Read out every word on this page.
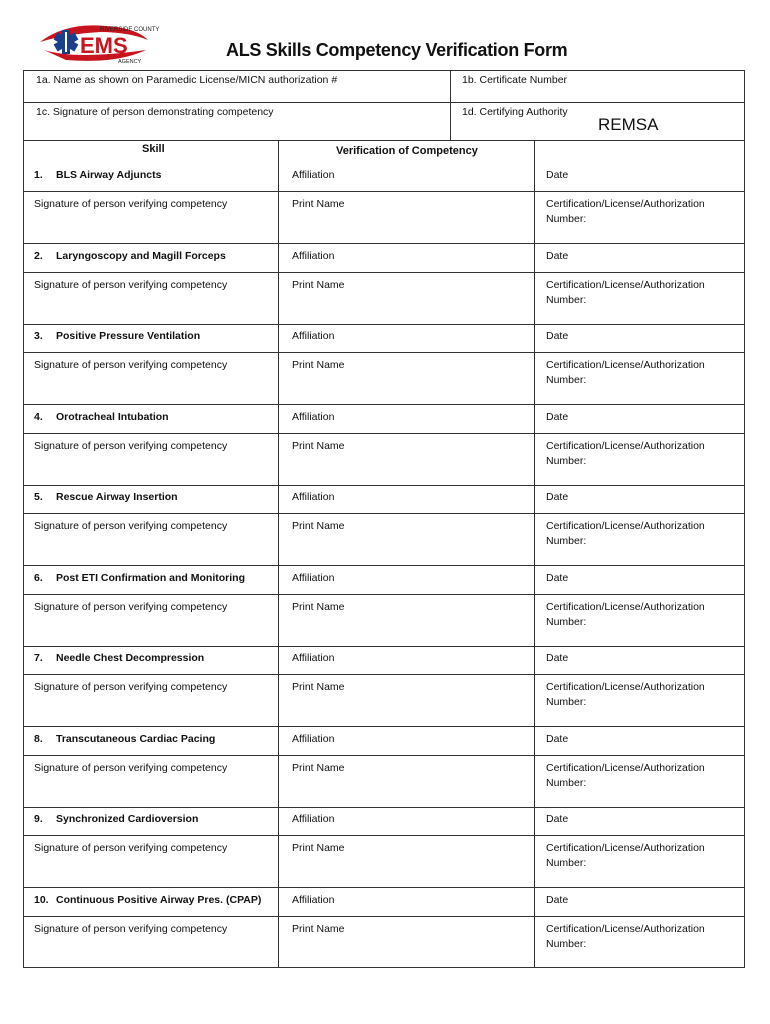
RIVERSIDE COUNTY
EMS
AGENCY
ALS Skills Competency Verification Form
1a. Name as shown on Paramedic License/MICN authorization #	1b. Certificate Number
1c. Signature of person demonstrating competency	1d. Certifying Authority
REMSA
Skill	Verification of Competency
1. BLS Airway Adjuncts	Affiliation	Date
Signature of person verifying competency	Print Name	Certification/License/Authorization
Number:
2. Laryngoscopy and Magill Forceps	Affiliation	Date
Signature of person verifying competency	Print Name	Certification/License/Authorization
Number:
3. Positive Pressure Ventilation	Affiliation	Date
Signature of person verifying competency	Print Name	Certification/License/Authorization
Number:
4. Orotracheal Intubation	Affiliation	Date
Signature of person verifying competency	Print Name	Certification/License/Authorization
Number:
5. Rescue Airway Insertion	Affiliation	Date
Signature of person verifying competency	Print Name	Certification/License/Authorization
Number:
6. Post ETI Confirmation and Monitoring	Affiliation	Date
Signature of person verifying competency	Print Name	Certification/License/Authorization
Number:
7. Needle Chest Decompression	Affiliation	Date
Signature of person verifying competency	Print Name	Certification/License/Authorization
Number:
8. Transcutaneous Cardiac Pacing	Affiliation	Date
Signature of person verifying competency	Print Name	Certification/License/Authorization
Number:
9. Synchronized Cardioversion	Affiliation	Date
Signature of person verifying competency	Print Name	Certification/License/Authorization
Number:
10. Continuous Positive Airway Pres. (CPAP)	Affiliation	Date
Signature of person verifying competency	Print Name	Certification/License/Authorization
Number:
